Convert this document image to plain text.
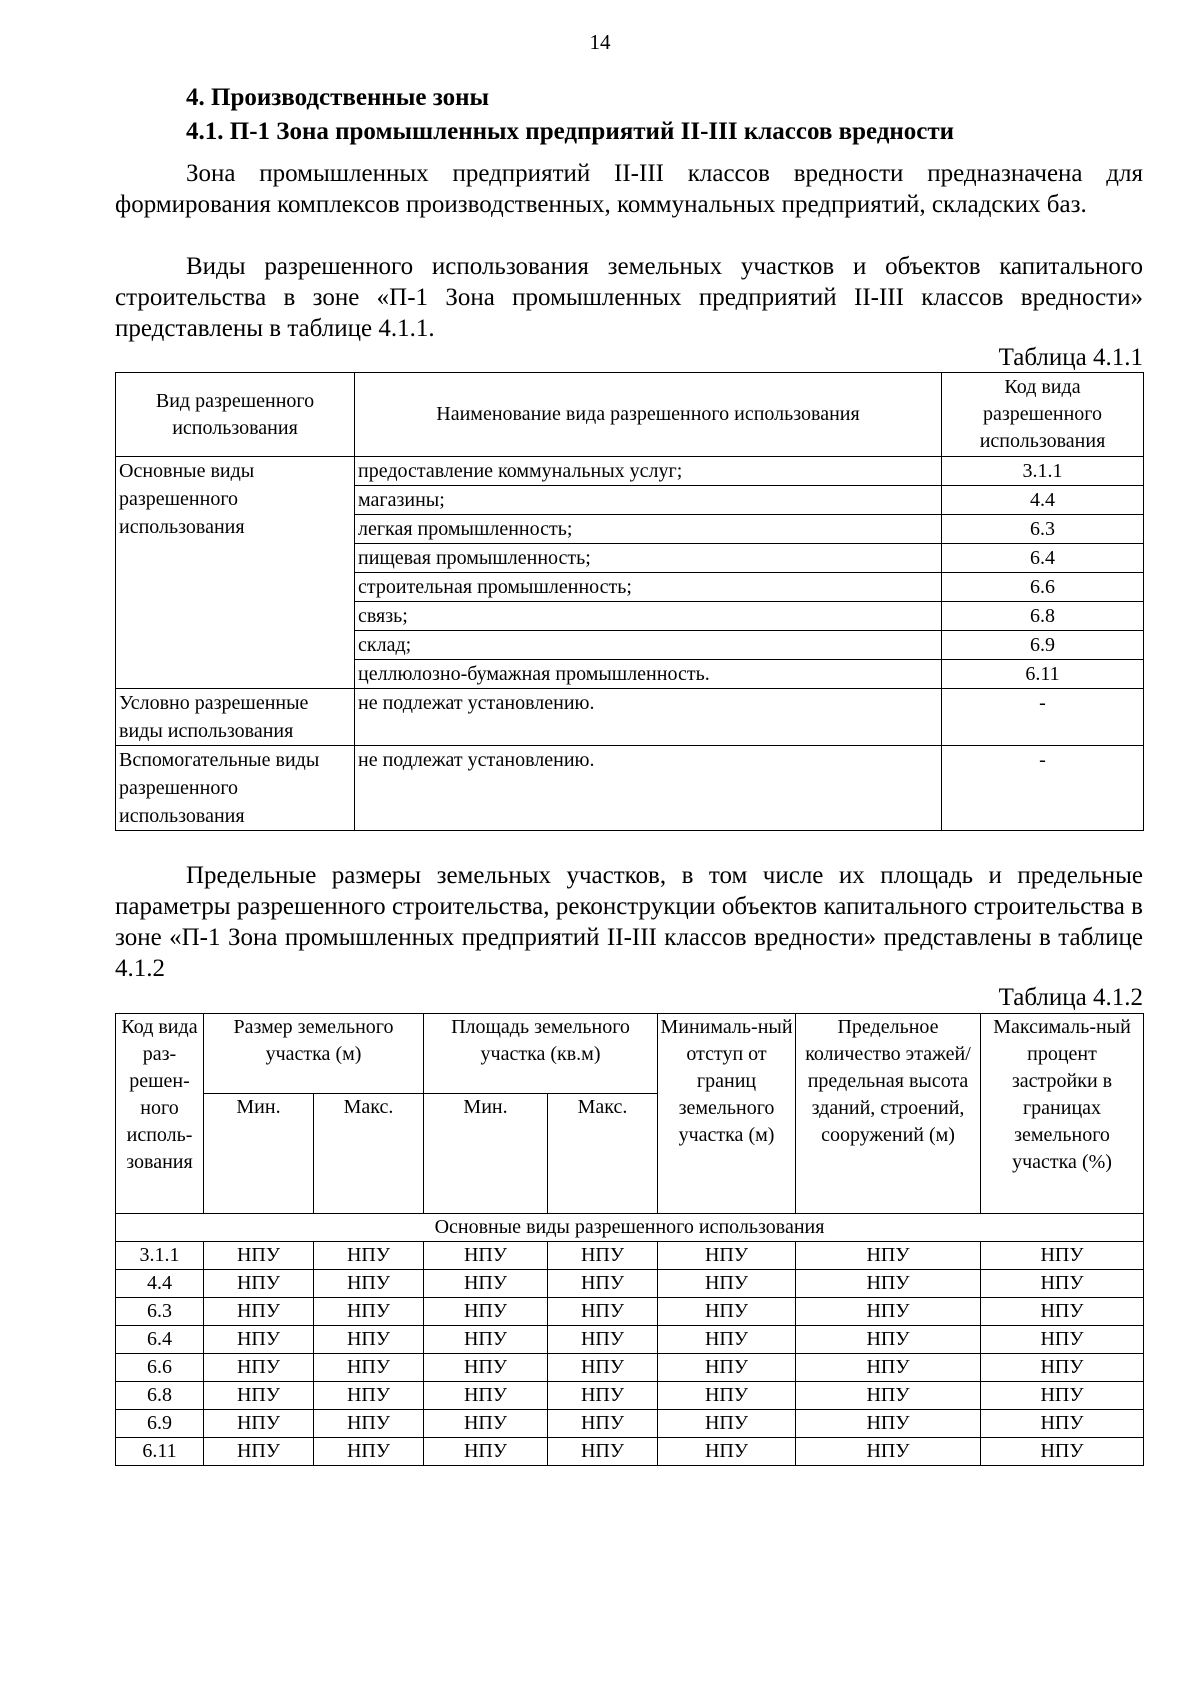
14
4. Производственные зоны
4.1. П-1 Зона промышленных предприятий II-III классов вредности
Зона промышленных предприятий II-III классов вредности предназначена для формирования комплексов производственных, коммунальных предприятий, складских баз.
Виды разрешенного использования земельных участков и объектов капитального строительства в зоне «П-1 Зона промышленных предприятий II-III классов вредности» представлены в таблице 4.1.1.
Таблица 4.1.1
Вид разрешенного использования	Наименование вида разрешенного использования	Код вида разрешенного использования
Основные виды разрешенного использования	предоставление коммунальных услуг;	3.1.1
	магазины;	4.4
	легкая промышленность;	6.3
	пищевая промышленность;	6.4
	строительная промышленность;	6.6
	связь;	6.8
	склад;	6.9
	целлюлозно-бумажная промышленность.	6.11
Условно разрешенные виды использования	не подлежат установлению.	-
Вспомогательные виды разрешенного использования	не подлежат установлению.	-
Предельные размеры земельных участков, в том числе их площадь и предельные параметры разрешенного строительства, реконструкции объектов капитального строительства в зоне «П-1 Зона промышленных предприятий II-III классов вредности» представлены в таблице 4.1.2
Таблица 4.1.2
Код вида раз-решен-ного исполь-зования	Размер земельного участка (м)		Площадь земельного участка (кв.м)		Минималь-ный отступ от границ земельного участка (м)	Предельное количество этажей/ предельная высота зданий, строений, сооружений (м)	Максималь-ный процент застройки в границах земельного участка (%)
	Мин.	Макс.	Мин.	Макс.			
Основные виды разрешенного использования							
3.1.1	НПУ	НПУ	НПУ	НПУ	НПУ	НПУ	НПУ
4.4	НПУ	НПУ	НПУ	НПУ	НПУ	НПУ	НПУ
6.3	НПУ	НПУ	НПУ	НПУ	НПУ	НПУ	НПУ
6.4	НПУ	НПУ	НПУ	НПУ	НПУ	НПУ	НПУ
6.6	НПУ	НПУ	НПУ	НПУ	НПУ	НПУ	НПУ
6.8	НПУ	НПУ	НПУ	НПУ	НПУ	НПУ	НПУ
6.9	НПУ	НПУ	НПУ	НПУ	НПУ	НПУ	НПУ
6.11	НПУ	НПУ	НПУ	НПУ	НПУ	НПУ	НПУ
